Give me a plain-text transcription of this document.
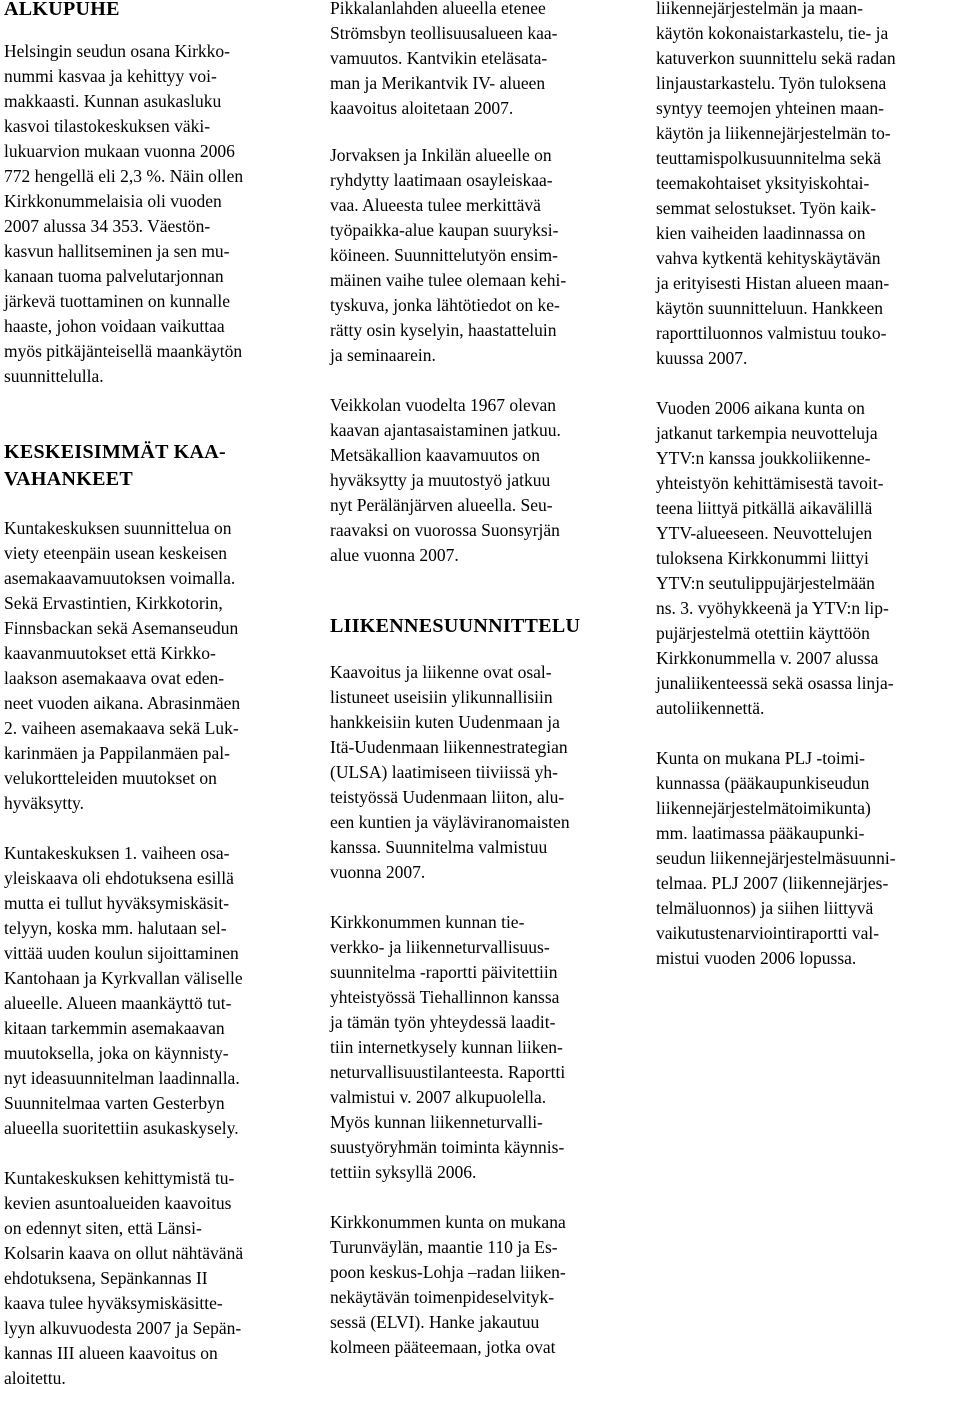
ALKUPUHE
Helsingin seudun osana Kirkko-
nummi kasvaa ja kehittyy voi-
makkaasti. Kunnan asukasluku
kasvoi tilastokeskuksen väki-
lukuarvion mukaan vuonna 2006
772 hengellä eli 2,3 %. Näin ollen
Kirkkonummelaisia oli vuoden
2007 alussa 34 353. Väestön-
kasvun hallitseminen ja sen mu-
kanaan tuoma palvelutarjonnan
järkevä tuottaminen on kunnalle
haaste, johon voidaan vaikuttaa
myös pitkäjänteisellä maankäytön
suunnittelulla.
KESKEISIMMÄT KAA-
VAHANKEET
Kuntakeskuksen suunnittelua on
viety eteenpäin usean keskeisen
asemakaavamuutoksen voimalla.
Sekä Ervastintien, Kirkkotorin,
Finnsbackan sekä Asemanseudun
kaavanmuutokset että Kirkko-
laakson asemakaava ovat eden-
neet vuoden aikana. Abrasinmäen
2. vaiheen asemakaava sekä Luk-
karinmäen ja Pappilanmäen pal-
velukortteleiden muutokset on
hyväksytty.
Kuntakeskuksen 1. vaiheen osa-
yleiskaava oli ehdotuksena esillä
mutta ei tullut hyväksymiskäsit-
telyyn, koska mm. halutaan sel-
vittää uuden koulun sijoittaminen
Kantohaan ja Kyrkvallan väliselle
alueelle. Alueen maankäyttö tut-
kitaan tarkemmin asemakaavan
muutoksella, joka on käynnisty-
nyt ideasuunnitelman laadinnalla.
Suunnitelmaa varten Gesterbyn
alueella suoritettiin asukaskysely.
Kuntakeskuksen kehittymistä tu-
kevien asuntoalueiden kaavoitus
on edennyt siten, että Länsi-
Kolsarin kaava on ollut nähtävänä
ehdotuksena, Sepänkannas II
kaava tulee hyväksymiskäsitte-
lyyn alkuvuodesta 2007 ja Sepän-
kannas III alueen kaavoitus on
aloitettu.
Pikkalanlahden alueella etenee
Strömsbyn teollisuusalueen kaa-
vamuutos. Kantvikin eteläsata-
man ja Merikantvik IV- alueen
kaavoitus aloitetaan 2007.
Jorvaksen ja Inkilän alueelle on
ryhdytty laatimaan osayleiskaa-
vaa. Alueesta tulee merkittävä
työpaikka-alue kaupan suuryksi-
köineen. Suunnittelutyön ensim-
mäinen vaihe tulee olemaan kehi-
tyskuva, jonka lähtötiedot on ke-
rätty osin kyselyin, haastatteluin
ja seminaarein.
Veikkolan vuodelta 1967 olevan
kaavan ajantasaistaminen jatkuu.
Metsäkallion kaavamuutos on
hyväksytty ja muutostyö jatkuu
nyt Perälänjärven alueella. Seu-
raavaksi on vuorossa Suonsyrjän
alue vuonna 2007.
LIIKENNESUUNNITTELU
Kaavoitus ja liikenne ovat osal-
listuneet useisiin ylikunnallisiin
hankkeisiin kuten Uudenmaan ja
Itä-Uudenmaan liikennestrategian
(ULSA) laatimiseen tiiviissä yh-
teistyössä Uudenmaan liiton, alu-
een kuntien ja väyläviranomaisten
kanssa. Suunnitelma valmistuu
vuonna 2007.
Kirkkonummen kunnan tie-
verkko- ja liikenneturvallisuus-
suunnitelma -raportti päivitettiin
yhteistyössä Tiehallinnon kanssa
ja tämän työn yhteydessä laadit-
tiin internetkysely kunnan liiken-
neturvallisuustilanteesta. Raportti
valmistui v. 2007 alkupuolella.
Myös kunnan liikenneturvalli-
suustyöryhmän toiminta käynnis-
tettiin syksyllä 2006.
Kirkkonummen kunta on mukana
Turunväylän, maantie 110 ja Es-
poon keskus-Lohja –radan liiken-
nekäytävän toimenpideselvityk-
sessä (ELVI). Hanke jakautuu
kolmeen pääteemaan, jotka ovat
liikennejärjestelmän ja maan-
käytön kokonaistarkastelu, tie- ja
katuverkon suunnittelu sekä radan
linjaustarkastelu. Työn tuloksena
syntyy teemojen yhteinen maan-
käytön ja liikennejärjestelmän to-
teuttamispolkusuunnitelma sekä
teemakohtaiset yksityiskohtai-
semmat selostukset. Työn kaik-
kien vaiheiden laadinnassa on
vahva kytkentä kehityskäytävän
ja erityisesti Histan alueen maan-
käytön suunnitteluun. Hankkeen
raporttiluonnos valmistuu touko-
kuussa 2007.
Vuoden 2006 aikana kunta on
jatkanut tarkempia neuvotteluja
YTV:n kanssa joukkoliikenne-
yhteistyön kehittämisestä tavoit-
teena liittyä pitkällä aikavälillä
YTV-alueeseen. Neuvottelujen
tuloksena Kirkkonummi liittyi
YTV:n seutulippujärjestelmään
ns. 3. vyöhykkeenä ja YTV:n lip-
pujärjestelmä otettiin käyttöön
Kirkkonummella v. 2007 alussa
junaliikenteessä sekä osassa linja-
autoliikennettä.
Kunta on mukana PLJ -toimi-
kunnassa (pääkaupunkiseudun
liikennejärjestelmätoimikunta)
mm. laatimassa pääkaupunki-
seudun liikennejärjestelmäsuunni-
telmaa. PLJ 2007 (liikennejärjes-
telmäluonnos) ja siihen liittyvä
vaikutustenarviointiraportti val-
mistui vuoden 2006 lopussa.
